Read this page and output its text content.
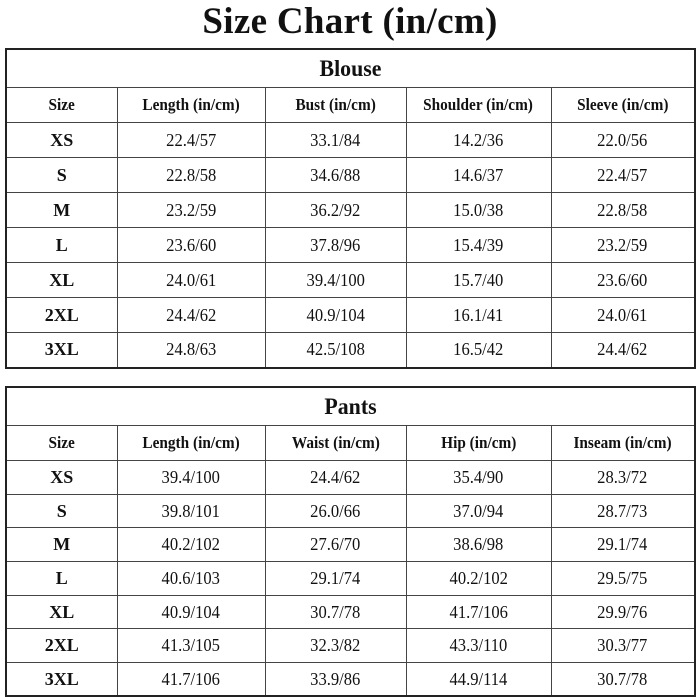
Size Chart (in/cm)
Blouse				
Size	Length (in/cm)	Bust (in/cm)	Shoulder (in/cm)	Sleeve (in/cm)
XS	22.4/57	33.1/84	14.2/36	22.0/56
S	22.8/58	34.6/88	14.6/37	22.4/57
M	23.2/59	36.2/92	15.0/38	22.8/58
L	23.6/60	37.8/96	15.4/39	23.2/59
XL	24.0/61	39.4/100	15.7/40	23.6/60
2XL	24.4/62	40.9/104	16.1/41	24.0/61
3XL	24.8/63	42.5/108	16.5/42	24.4/62
Pants				
Size	Length (in/cm)	Waist (in/cm)	Hip (in/cm)	Inseam (in/cm)
XS	39.4/100	24.4/62	35.4/90	28.3/72
S	39.8/101	26.0/66	37.0/94	28.7/73
M	40.2/102	27.6/70	38.6/98	29.1/74
L	40.6/103	29.1/74	40.2/102	29.5/75
XL	40.9/104	30.7/78	41.7/106	29.9/76
2XL	41.3/105	32.3/82	43.3/110	30.3/77
3XL	41.7/106	33.9/86	44.9/114	30.7/78
